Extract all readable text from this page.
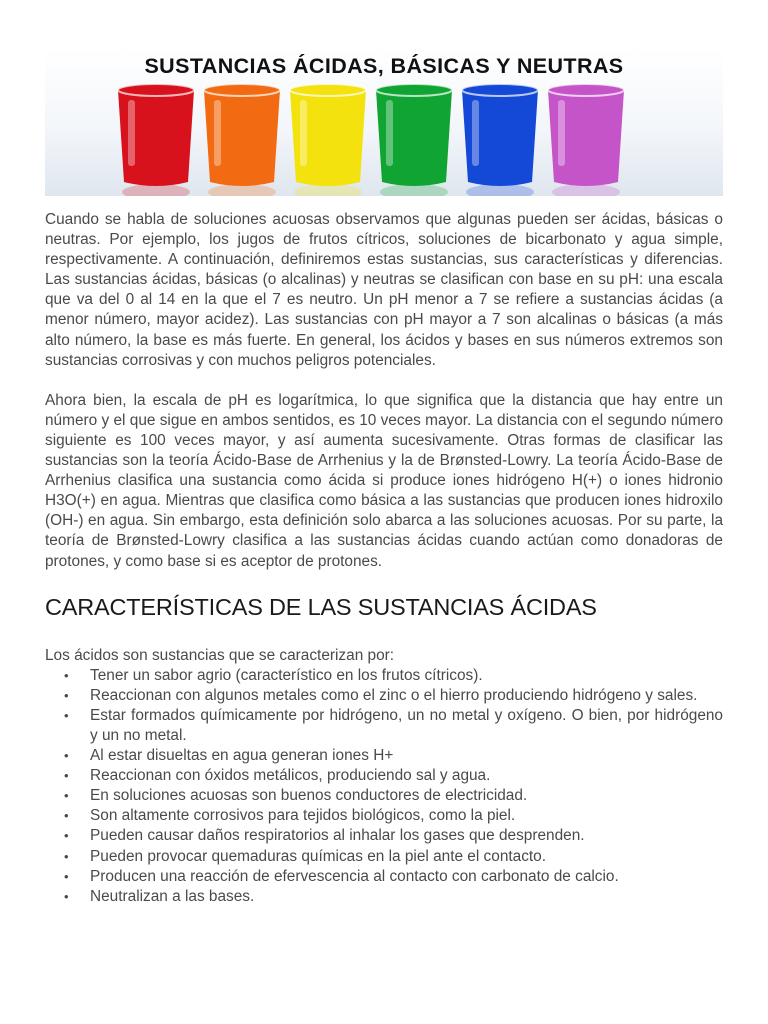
SUSTANCIAS ÁCIDAS, BÁSICAS Y NEUTRAS

Cuando se habla de soluciones acuosas observamos que algunas pueden ser ácidas, básicas o neutras. Por ejemplo, los jugos de frutos cítricos, soluciones de bicarbonato y agua simple, respectivamente. A continuación, definiremos estas sustancias, sus características y diferencias. Las sustancias ácidas, básicas (o alcalinas) y neutras se clasifican con base en su pH: una escala que va del 0 al 14 en la que el 7 es neutro. Un pH menor a 7 se refiere a sustancias ácidas (a menor número, mayor acidez). Las sustancias con pH mayor a 7 son alcalinas o básicas (a más alto número, la base es más fuerte. En general, los ácidos y bases en sus números extremos son sustancias corrosivas y con muchos peligros potenciales.

Ahora bien, la escala de pH es logarítmica, lo que significa que la distancia que hay entre un número y el que sigue en ambos sentidos, es 10 veces mayor. La distancia con el segundo número siguiente es 100 veces mayor, y así aumenta sucesivamente. Otras formas de clasificar las sustancias son la teoría Ácido-Base de Arrhenius y la de Brønsted-Lowry. La teoría Ácido-Base de Arrhenius clasifica una sustancia como ácida si produce iones hidrógeno H(+) o iones hidronio H3O(+) en agua. Mientras que clasifica como básica a las sustancias que producen iones hidroxilo (OH-) en agua. Sin embargo, esta definición solo abarca a las soluciones acuosas. Por su parte, la teoría de Brønsted-Lowry clasifica a las sustancias ácidas cuando actúan como donadoras de protones, y como base si es aceptor de protones.

CARACTERÍSTICAS DE LAS SUSTANCIAS ÁCIDAS

Los ácidos son sustancias que se caracterizan por:

• Tener un sabor agrio (característico en los frutos cítricos).
• Reaccionan con algunos metales como el zinc o el hierro produciendo hidrógeno y sales.
• Estar formados químicamente por hidrógeno, un no metal y oxígeno. O bien, por hidrógeno y un no metal.
• Al estar disueltas en agua generan iones H+
• Reaccionan con óxidos metálicos, produciendo sal y agua.
• En soluciones acuosas son buenos conductores de electricidad.
• Son altamente corrosivos para tejidos biológicos, como la piel.
• Pueden causar daños respiratorios al inhalar los gases que desprenden.
• Pueden provocar quemaduras químicas en la piel ante el contacto.
• Producen una reacción de efervescencia al contacto con carbonato de calcio.
• Neutralizan a las bases.
